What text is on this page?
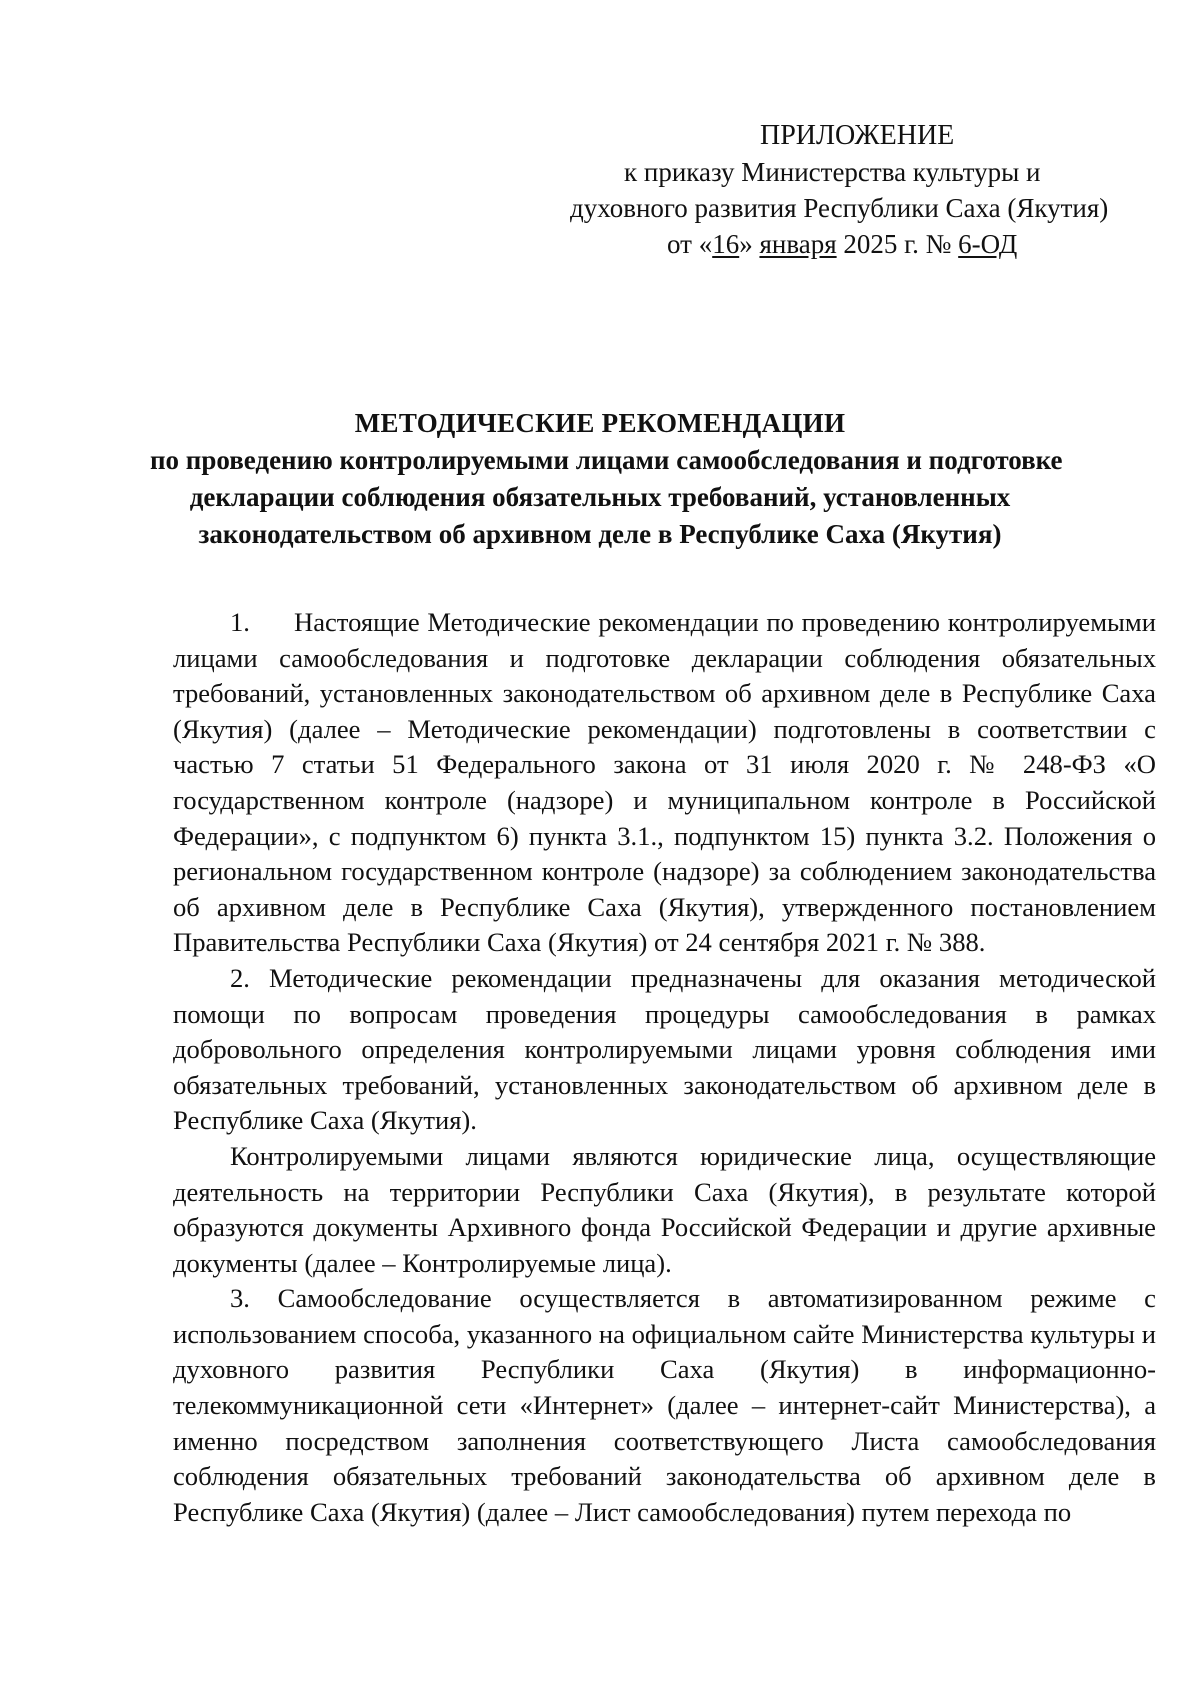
ПРИЛОЖЕНИЕ
к приказу Министерства культуры и
духовного развития Республики Саха (Якутия)
от «16» января 2025 г. № 6-ОД
МЕТОДИЧЕСКИЕ РЕКОМЕНДАЦИИ
по проведению контролируемыми лицами самообследования и подготовке
декларации соблюдения обязательных требований, установленных
законодательством об архивном деле в Республике Саха (Якутия)

1. Настоящие Методические рекомендации по проведению контролируемыми лицами самообследования и подготовке декларации соблюдения обязательных требований, установленных законодательством об архивном деле в Республике Саха (Якутия) (далее – Методические рекомендации) подготовлены в соответствии с частью 7 статьи 51 Федерального закона от 31 июля 2020 г. № 248-ФЗ «О государственном контроле (надзоре) и муниципальном контроле в Российской Федерации», с подпунктом 6) пункта 3.1., подпунктом 15) пункта 3.2. Положения о региональном государственном контроле (надзоре) за соблюдением законодательства об архивном деле в Республике Саха (Якутия), утвержденного постановлением Правительства Республики Саха (Якутия) от 24 сентября 2021 г. № 388.

2. Методические рекомендации предназначены для оказания методической помощи по вопросам проведения процедуры самообследования в рамках добровольного определения контролируемыми лицами уровня соблюдения ими обязательных требований, установленных законодательством об архивном деле в Республике Саха (Якутия).

Контролируемыми лицами являются юридические лица, осуществляющие деятельность на территории Республики Саха (Якутия), в результате которой образуются документы Архивного фонда Российской Федерации и другие архивные документы (далее – Контролируемые лица).

3. Самообследование осуществляется в автоматизированном режиме с использованием способа, указанного на официальном сайте Министерства культуры и духовного развития Республики Саха (Якутия) в информационно-телекоммуникационной сети «Интернет» (далее – интернет-сайт Министерства), а именно посредством заполнения соответствующего Листа самообследования соблюдения обязательных требований законодательства об архивном деле в Республике Саха (Якутия) (далее – Лист самообследования) путем перехода по
